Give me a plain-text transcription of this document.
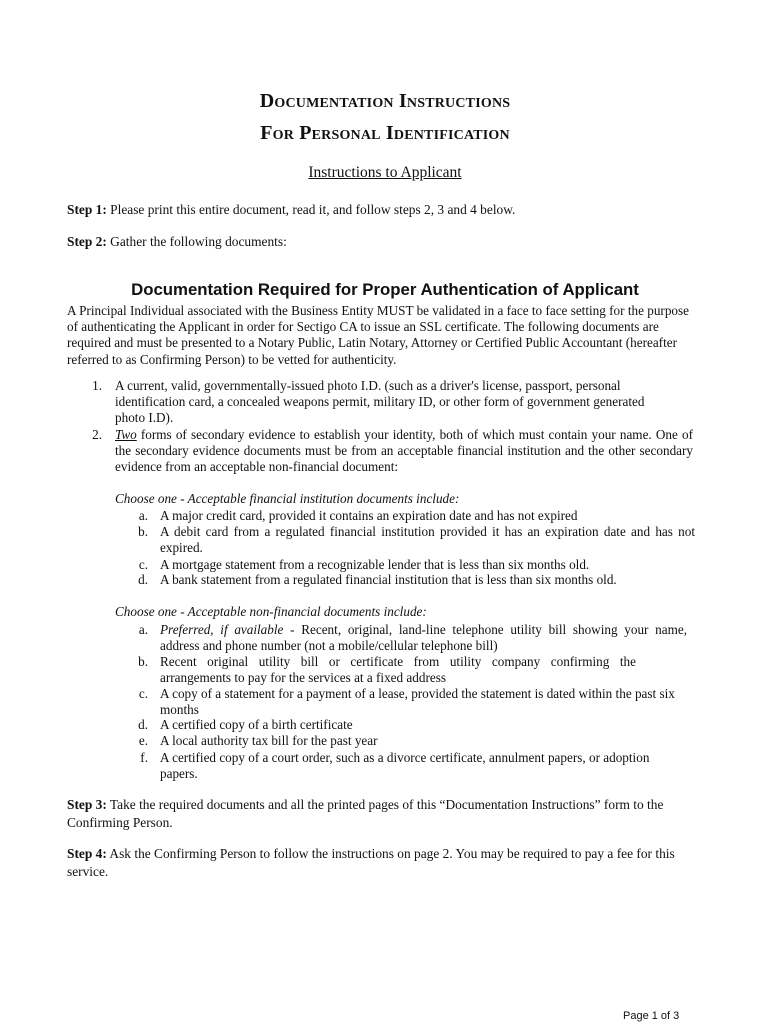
Documentation Instructions
For Personal Identification
Instructions to Applicant
Step 1: Please print this entire document, read it, and follow steps 2, 3 and 4 below.
Step 2: Gather the following documents:
Documentation Required for Proper Authentication of Applicant
A Principal Individual associated with the Business Entity MUST be validated in a face to face setting for the purpose of authenticating the Applicant in order for Sectigo CA to issue an SSL certificate. The following documents are required and must be presented to a Notary Public, Latin Notary, Attorney or Certified Public Accountant (hereafter referred to as Confirming Person) to be vetted for authenticity.
1. A current, valid, governmentally-issued photo I.D. (such as a driver's license, passport, personal identification card, a concealed weapons permit, military ID, or other form of government generated photo I.D).
2. Two forms of secondary evidence to establish your identity, both of which must contain your name. One of the secondary evidence documents must be from an acceptable financial institution and the other secondary evidence from an acceptable non-financial document:
Choose one - Acceptable financial institution documents include:
a. A major credit card, provided it contains an expiration date and has not expired
b. A debit card from a regulated financial institution provided it has an expiration date and has not expired.
c. A mortgage statement from a recognizable lender that is less than six months old.
d. A bank statement from a regulated financial institution that is less than six months old.
Choose one - Acceptable non-financial documents include:
a. Preferred, if available - Recent, original, land-line telephone utility bill showing your name, address and phone number (not a mobile/cellular telephone bill)
b. Recent original utility bill or certificate from utility company confirming the arrangements to pay for the services at a fixed address
c. A copy of a statement for a payment of a lease, provided the statement is dated within the past six months
d. A certified copy of a birth certificate
e. A local authority tax bill for the past year
f. A certified copy of a court order, such as a divorce certificate, annulment papers, or adoption papers.
Step 3: Take the required documents and all the printed pages of this “Documentation Instructions” form to the Confirming Person.
Step 4: Ask the Confirming Person to follow the instructions on page 2. You may be required to pay a fee for this service.
Page 1 of 3
